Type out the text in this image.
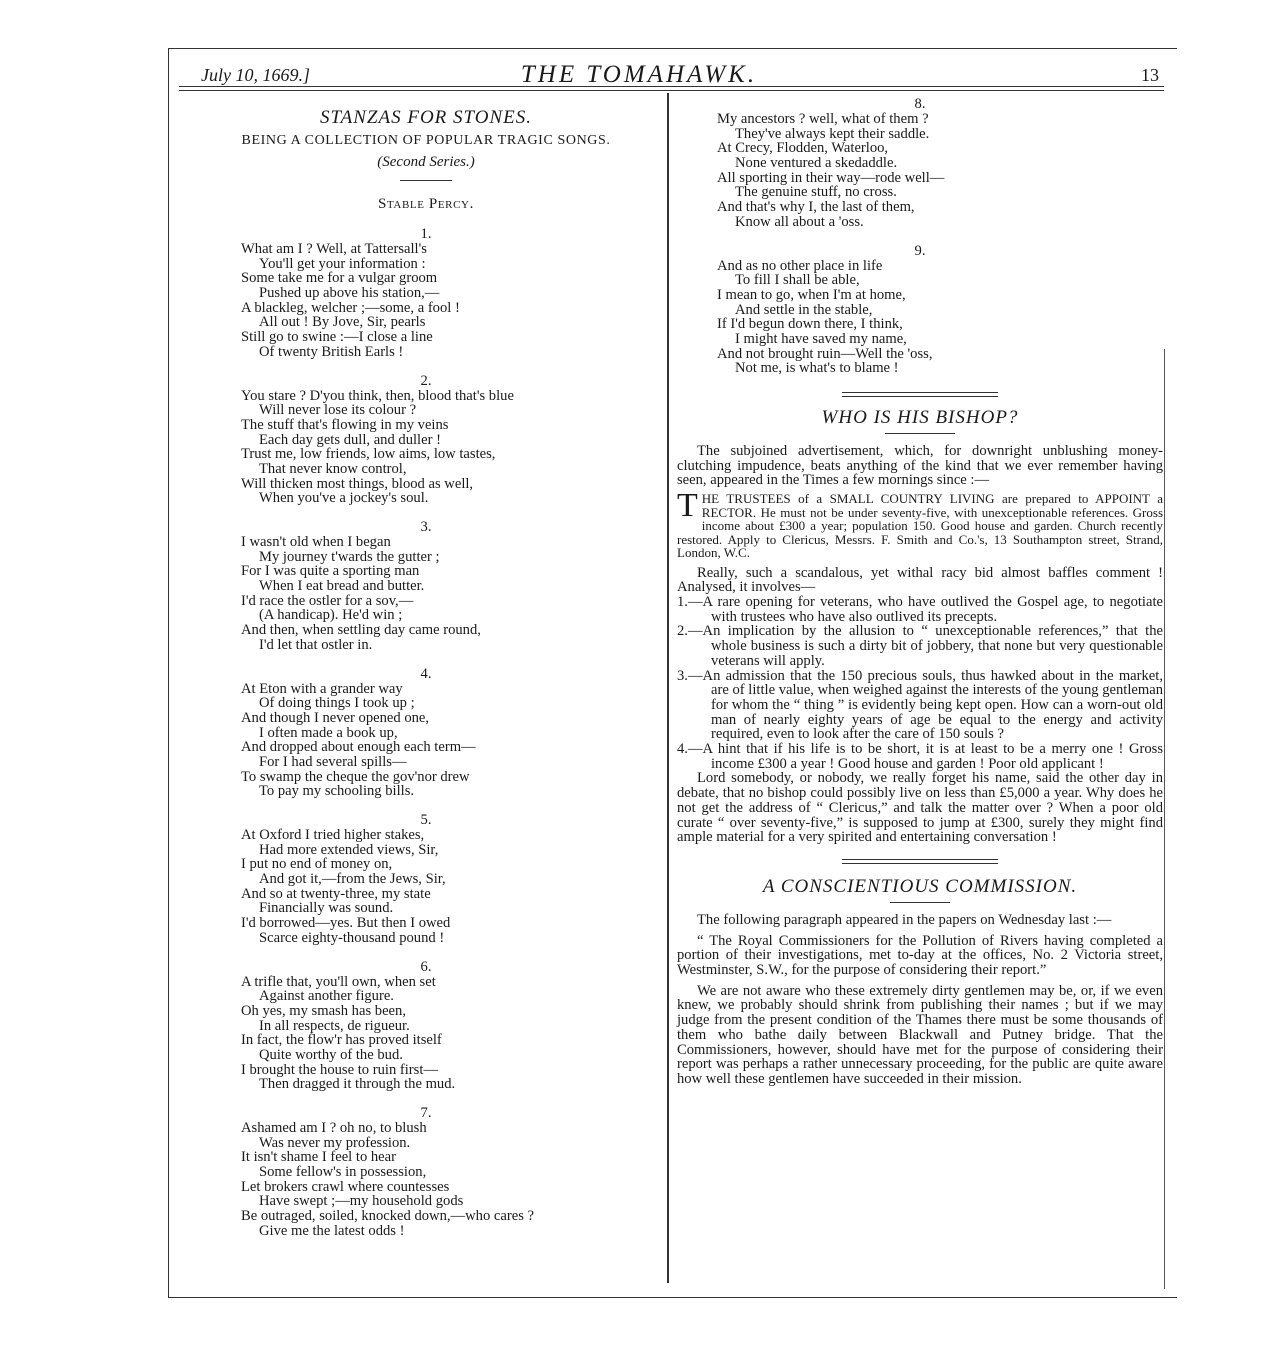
July 10, 1669.]	THE TOMAHAWK.	13
STANZAS FOR STONES.
BEING A COLLECTION OF POPULAR TRAGIC SONGS.
(Second Series.)
Stable Percy.
1.
What am I ? Well, at Tattersall's
You'll get your information :
Some take me for a vulgar groom
Pushed up above his station,—
A blackleg, welcher ;—some, a fool !
All out ! By Jove, Sir, pearls
Still go to swine :—I close a line
Of twenty British Earls !
2.
You stare ? D'you think, then, blood that's blue
Will never lose its colour ?
The stuff that's flowing in my veins
Each day gets dull, and duller !
Trust me, low friends, low aims, low tastes,
That never know control,
Will thicken most things, blood as well,
When you've a jockey's soul.
3.
I wasn't old when I began
My journey t'wards the gutter ;
For I was quite a sporting man
When I eat bread and butter.
I'd race the ostler for a sov,—
(A handicap). He'd win ;
And then, when settling day came round,
I'd let that ostler in.
4.
At Eton with a grander way
Of doing things I took up ;
And though I never opened one,
I often made a book up,
And dropped about enough each term—
For I had several spills—
To swamp the cheque the gov'nor drew
To pay my schooling bills.
5.
At Oxford I tried higher stakes,
Had more extended views, Sir,
I put no end of money on,
And got it,—from the Jews, Sir,
And so at twenty-three, my state
Financially was sound.
I'd borrowed—yes. But then I owed
Scarce eighty-thousand pound !
6.
A trifle that, you'll own, when set
Against another figure.
Oh yes, my smash has been,
In all respects, de rigueur.
In fact, the flow'r has proved itself
Quite worthy of the bud.
I brought the house to ruin first—
Then dragged it through the mud.
7.
Ashamed am I ? oh no, to blush
Was never my profession.
It isn't shame I feel to hear
Some fellow's in possession,
Let brokers crawl where countesses
Have swept ;—my household gods
Be outraged, soiled, knocked down,—who cares ?
Give me the latest odds !
8.
My ancestors ? well, what of them ?
They've always kept their saddle.
At Crecy, Flodden, Waterloo,
None ventured a skedaddle.
All sporting in their way—rode well—
The genuine stuff, no cross.
And that's why I, the last of them,
Know all about a 'oss.
9.
And as no other place in life
To fill I shall be able,
I mean to go, when I'm at home,
And settle in the stable,
If I'd begun down there, I think,
I might have saved my name,
And not brought ruin—Well the 'oss,
Not me, is what's to blame !
WHO IS HIS BISHOP?
The subjoined advertisement, which, for downright unblushing money-clutching impudence, beats anything of the kind that we ever remember having seen, appeared in the Times a few mornings since :—
THE TRUSTEES of a SMALL COUNTRY LIVING are prepared to APPOINT a RECTOR. He must not be under seventy-five, with unexceptionable references. Gross income about £300 a year; population 150. Good house and garden. Church recently restored. Apply to Clericus, Messrs. F. Smith and Co.'s, 13 Southampton street, Strand, London, W.C.
Really, such a scandalous, yet withal racy bid almost baffles comment ! Analysed, it involves—
1.—A rare opening for veterans, who have outlived the Gospel age, to negotiate with trustees who have also outlived its precepts.
2.—An implication by the allusion to “ unexceptionable references,” that the whole business is such a dirty bit of jobbery, that none but very questionable veterans will apply.
3.—An admission that the 150 precious souls, thus hawked about in the market, are of little value, when weighed against the interests of the young gentleman for whom the “ thing ” is evidently being kept open. How can a worn-out old man of nearly eighty years of age be equal to the energy and activity required, even to look after the care of 150 souls ?
4.—A hint that if his life is to be short, it is at least to be a merry one ! Gross income £300 a year ! Good house and garden ! Poor old applicant !
Lord somebody, or nobody, we really forget his name, said the other day in debate, that no bishop could possibly live on less than £5,000 a year. Why does he not get the address of “ Clericus,” and talk the matter over ? When a poor old curate “ over seventy-five,” is supposed to jump at £300, surely they might find ample material for a very spirited and entertaining conversation !
A CONSCIENTIOUS COMMISSION.
The following paragraph appeared in the papers on Wednesday last :—
“ The Royal Commissioners for the Pollution of Rivers having completed a portion of their investigations, met to-day at the offices, No. 2 Victoria street, Westminster, S.W., for the purpose of considering their report.”
We are not aware who these extremely dirty gentlemen may be, or, if we even knew, we probably should shrink from publishing their names ; but if we may judge from the present condition of the Thames there must be some thousands of them who bathe daily between Blackwall and Putney bridge. That the Commissioners, however, should have met for the purpose of considering their report was perhaps a rather unnecessary proceeding, for the public are quite aware how well these gentlemen have succeeded in their mission.
